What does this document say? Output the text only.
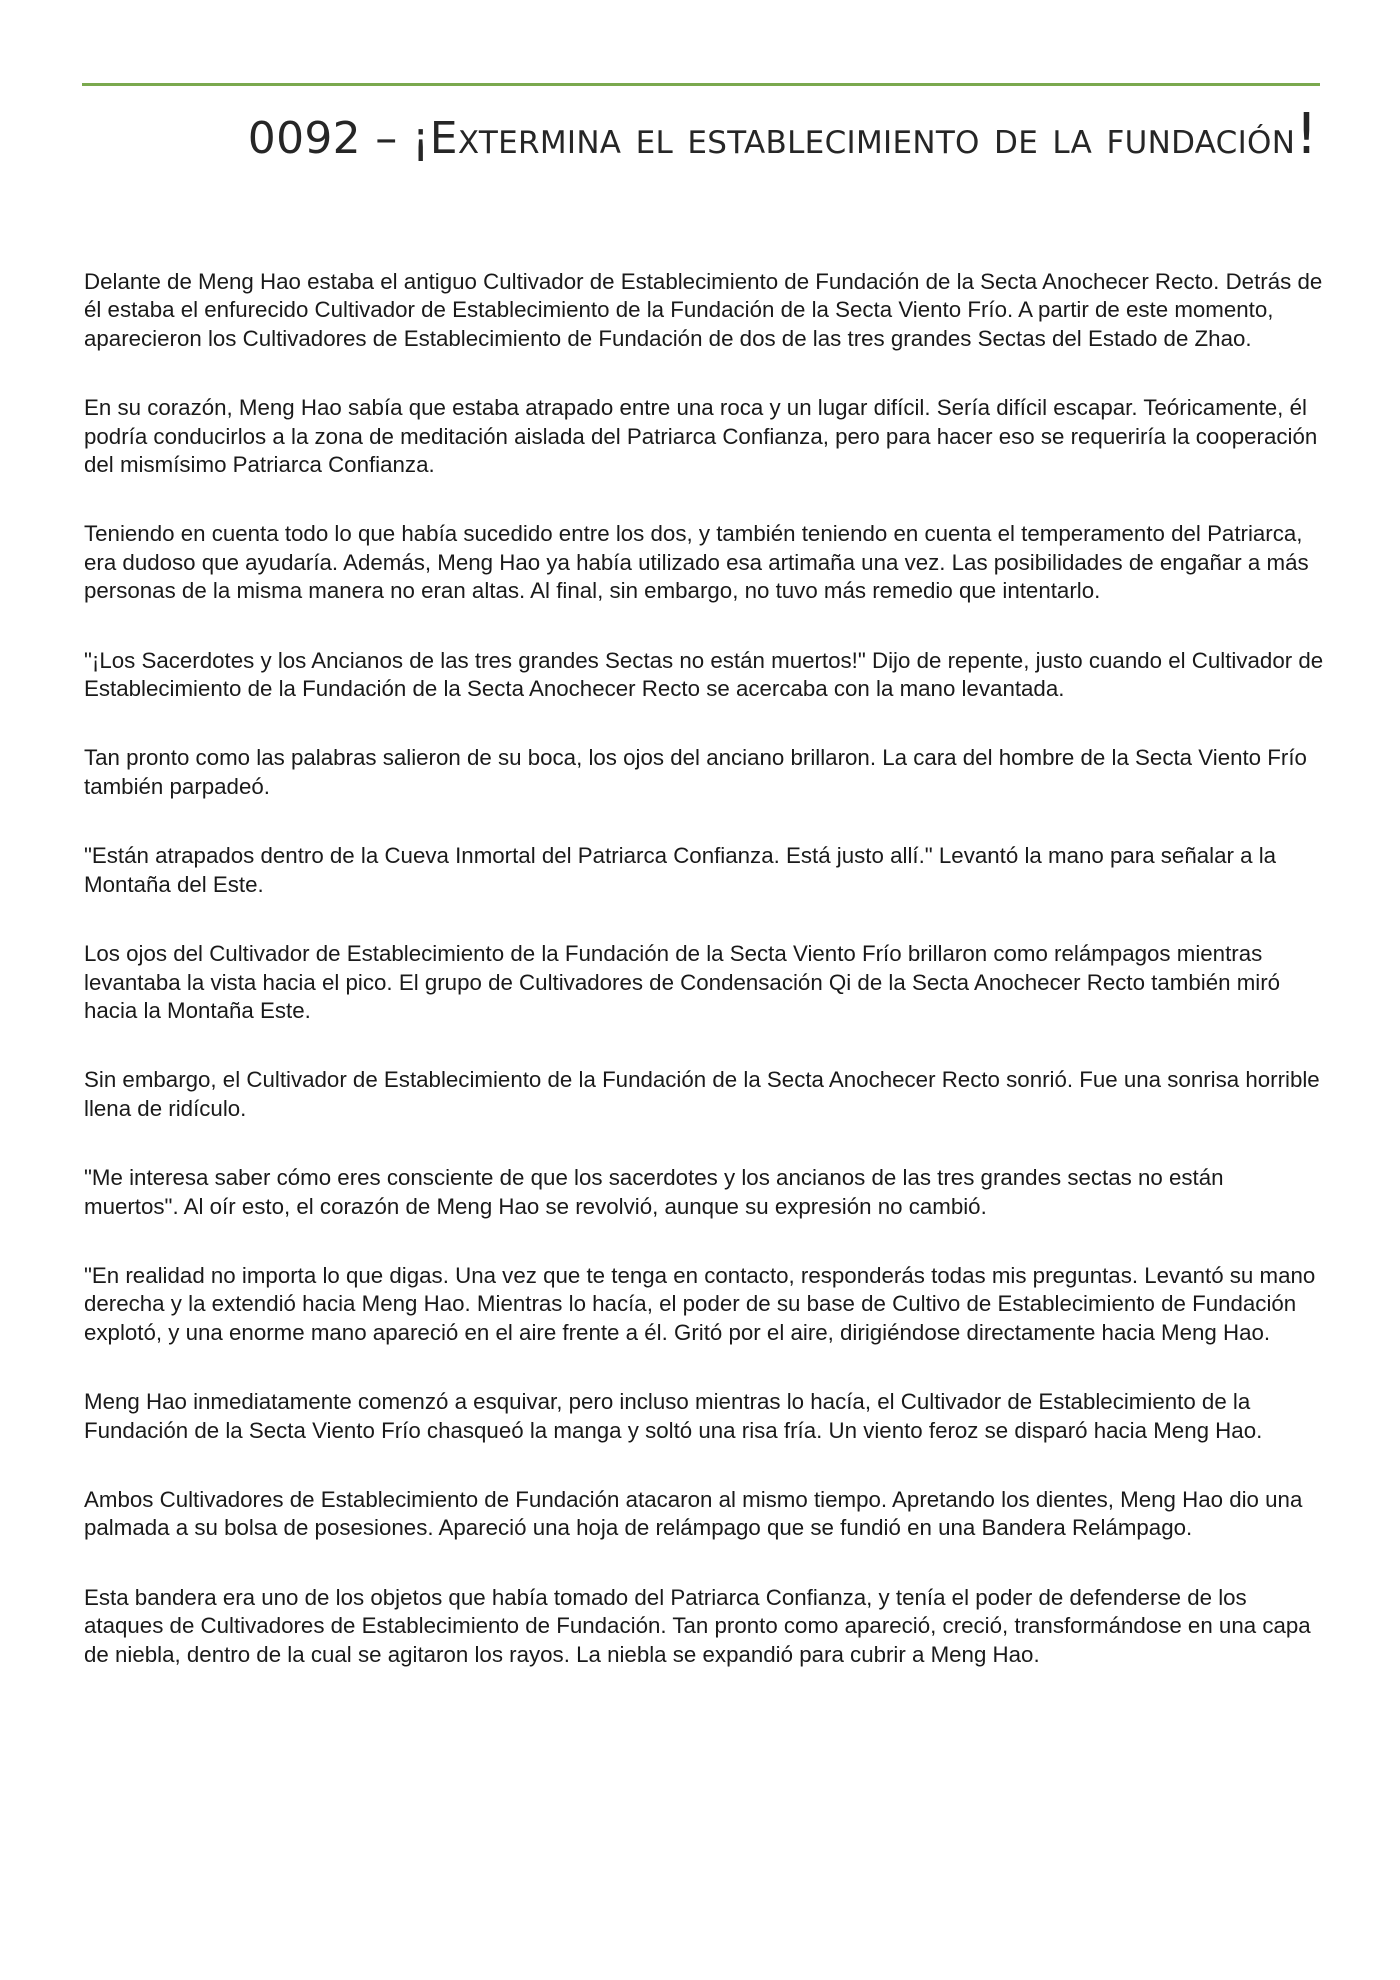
0092 – ¡Extermina el establecimiento de la fundación!

Delante de Meng Hao estaba el antiguo Cultivador de Establecimiento de Fundación de la Secta Anochecer Recto. Detrás de él estaba el enfurecido Cultivador de Establecimiento de la Fundación de la Secta Viento Frío. A partir de este momento, aparecieron los Cultivadores de Establecimiento de Fundación de dos de las tres grandes Sectas del Estado de Zhao.

En su corazón, Meng Hao sabía que estaba atrapado entre una roca y un lugar difícil. Sería difícil escapar. Teóricamente, él podría conducirlos a la zona de meditación aislada del Patriarca Confianza, pero para hacer eso se requeriría la cooperación del mismísimo Patriarca Confianza.

Teniendo en cuenta todo lo que había sucedido entre los dos, y también teniendo en cuenta el temperamento del Patriarca, era dudoso que ayudaría. Además, Meng Hao ya había utilizado esa artimaña una vez. Las posibilidades de engañar a más personas de la misma manera no eran altas. Al final, sin embargo, no tuvo más remedio que intentarlo.

"¡Los Sacerdotes y los Ancianos de las tres grandes Sectas no están muertos!" Dijo de repente, justo cuando el Cultivador de Establecimiento de la Fundación de la Secta Anochecer Recto se acercaba con la mano levantada.

Tan pronto como las palabras salieron de su boca, los ojos del anciano brillaron. La cara del hombre de la Secta Viento Frío también parpadeó.

"Están atrapados dentro de la Cueva Inmortal del Patriarca Confianza. Está justo allí." Levantó la mano para señalar a la Montaña del Este.

Los ojos del Cultivador de Establecimiento de la Fundación de la Secta Viento Frío brillaron como relámpagos mientras levantaba la vista hacia el pico. El grupo de Cultivadores de Condensación Qi de la Secta Anochecer Recto también miró hacia la Montaña Este.

Sin embargo, el Cultivador de Establecimiento de la Fundación de la Secta Anochecer Recto sonrió. Fue una sonrisa horrible llena de ridículo.

"Me interesa saber cómo eres consciente de que los sacerdotes y los ancianos de las tres grandes sectas no están muertos". Al oír esto, el corazón de Meng Hao se revolvió, aunque su expresión no cambió.

"En realidad no importa lo que digas. Una vez que te tenga en contacto, responderás todas mis preguntas. Levantó su mano derecha y la extendió hacia Meng Hao. Mientras lo hacía, el poder de su base de Cultivo de Establecimiento de Fundación explotó, y una enorme mano apareció en el aire frente a él. Gritó por el aire, dirigiéndose directamente hacia Meng Hao.

Meng Hao inmediatamente comenzó a esquivar, pero incluso mientras lo hacía, el Cultivador de Establecimiento de la Fundación de la Secta Viento Frío chasqueó la manga y soltó una risa fría. Un viento feroz se disparó hacia Meng Hao.

Ambos Cultivadores de Establecimiento de Fundación atacaron al mismo tiempo. Apretando los dientes, Meng Hao dio una palmada a su bolsa de posesiones. Apareció una hoja de relámpago que se fundió en una Bandera Relámpago.

Esta bandera era uno de los objetos que había tomado del Patriarca Confianza, y tenía el poder de defenderse de los ataques de Cultivadores de Establecimiento de Fundación. Tan pronto como apareció, creció, transformándose en una capa de niebla, dentro de la cual se agitaron los rayos. La niebla se expandió para cubrir a Meng Hao.
